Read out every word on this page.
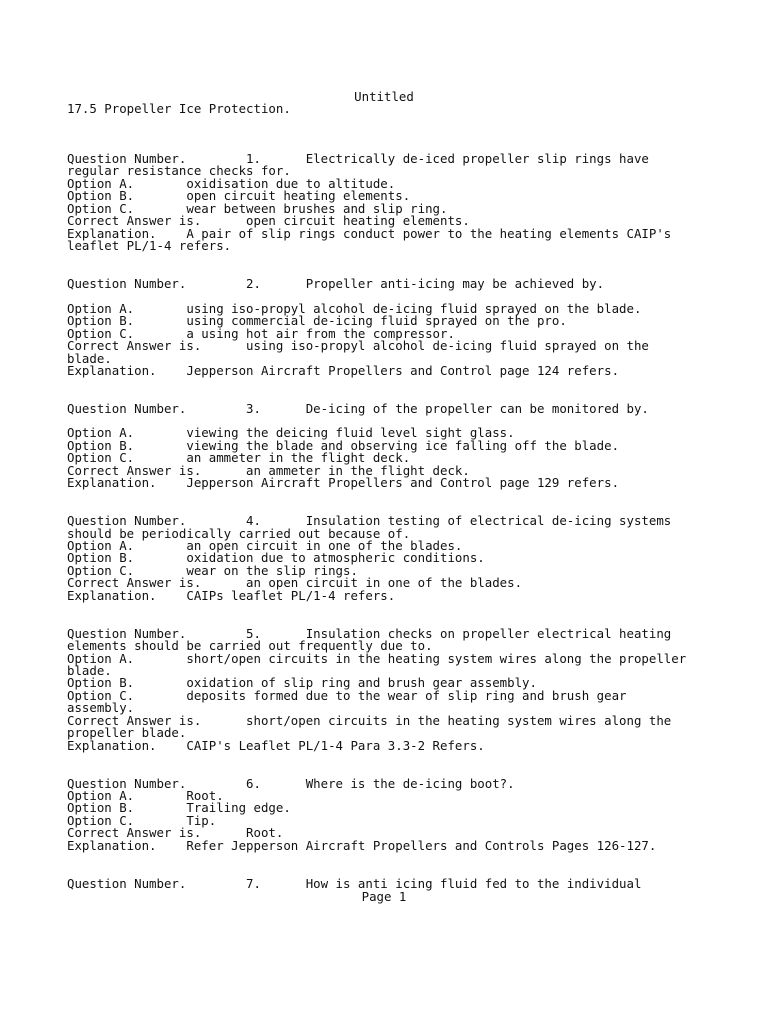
Untitled
17.5 Propeller Ice Protection.
Question Number.        1.      Electrically de-iced propeller slip rings have
regular resistance checks for.
Option A.       oxidisation due to altitude.
Option B.       open circuit heating elements.
Option C.       wear between brushes and slip ring.
Correct Answer is.      open circuit heating elements.
Explanation.    A pair of slip rings conduct power to the heating elements CAIP's
leaflet PL/1-4 refers.
Question Number.        2.      Propeller anti-icing may be achieved by.
Option A.       using iso-propyl alcohol de-icing fluid sprayed on the blade.
Option B.       using commercial de-icing fluid sprayed on the pro.
Option C.       a using hot air from the compressor.
Correct Answer is.      using iso-propyl alcohol de-icing fluid sprayed on the
blade.
Explanation.    Jepperson Aircraft Propellers and Control page 124 refers.
Question Number.        3.      De-icing of the propeller can be monitored by.
Option A.       viewing the deicing fluid level sight glass.
Option B.       viewing the blade and observing ice falling off the blade.
Option C.       an ammeter in the flight deck.
Correct Answer is.      an ammeter in the flight deck.
Explanation.    Jepperson Aircraft Propellers and Control page 129 refers.
Question Number.        4.      Insulation testing of electrical de-icing systems
should be periodically carried out because of.
Option A.       an open circuit in one of the blades.
Option B.       oxidation due to atmospheric conditions.
Option C.       wear on the slip rings.
Correct Answer is.      an open circuit in one of the blades.
Explanation.    CAIPs leaflet PL/1-4 refers.
Question Number.        5.      Insulation checks on propeller electrical heating
elements should be carried out frequently due to.
Option A.       short/open circuits in the heating system wires along the propeller
blade.
Option B.       oxidation of slip ring and brush gear assembly.
Option C.       deposits formed due to the wear of slip ring and brush gear
assembly.
Correct Answer is.      short/open circuits in the heating system wires along the
propeller blade.
Explanation.    CAIP's Leaflet PL/1-4 Para 3.3-2 Refers.
Question Number.        6.      Where is the de-icing boot?.
Option A.       Root.
Option B.       Trailing edge.
Option C.       Tip.
Correct Answer is.      Root.
Explanation.    Refer Jepperson Aircraft Propellers and Controls Pages 126-127.
Question Number.        7.      How is anti icing fluid fed to the individual
Page 1
